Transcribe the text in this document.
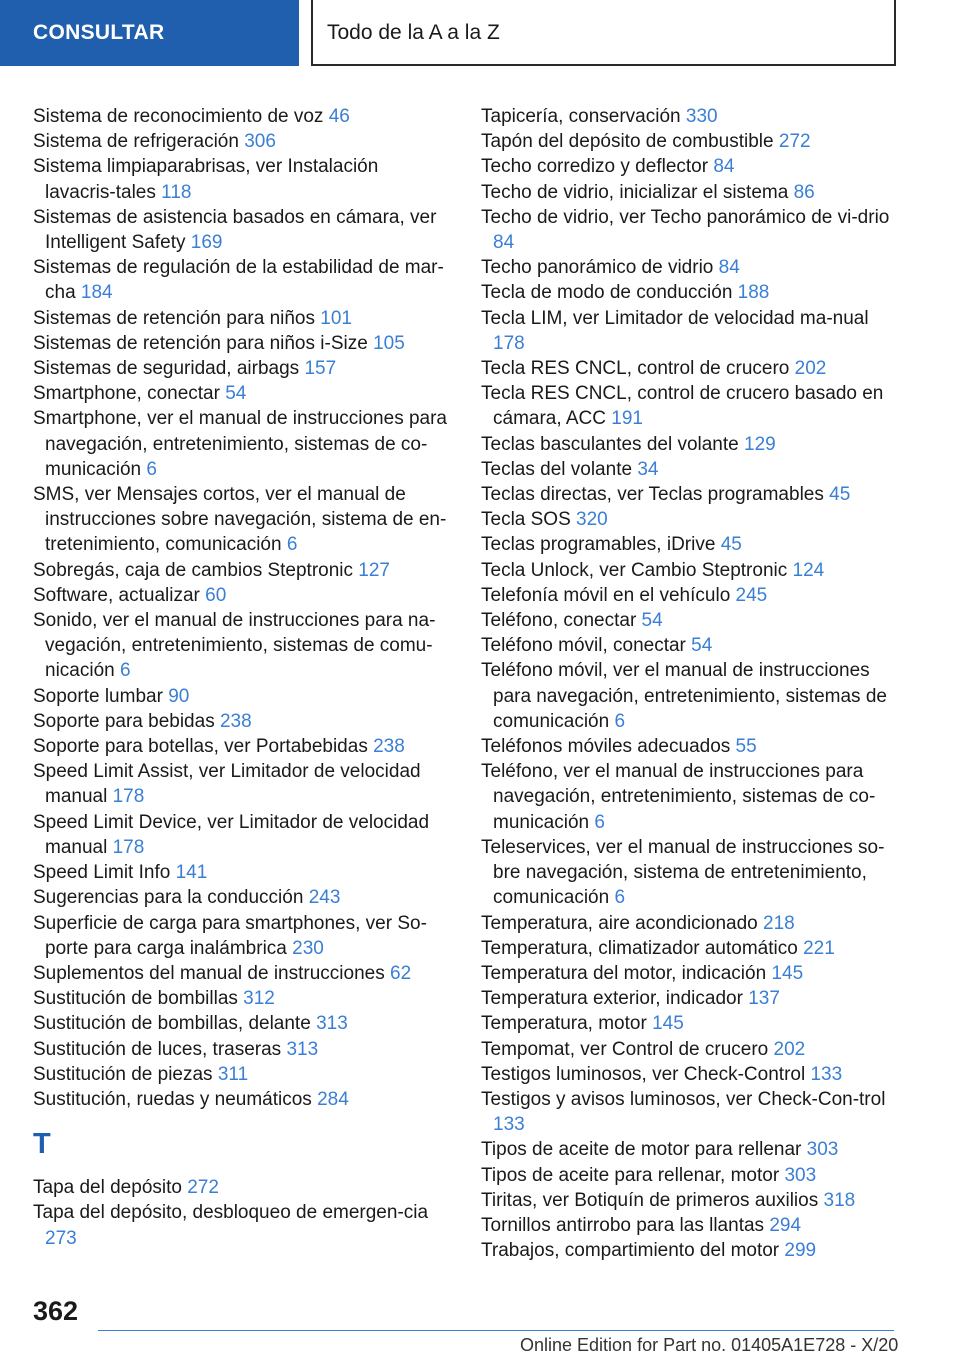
CONSULTAR	Todo de la A a la Z
Sistema de reconocimiento de voz 46
Sistema de refrigeración 306
Sistema limpiaparabrisas, ver Instalación lavacris-tales 118
Sistemas de asistencia basados en cámara, ver Intelligent Safety 169
Sistemas de regulación de la estabilidad de mar-cha 184
Sistemas de retención para niños 101
Sistemas de retención para niños i-Size 105
Sistemas de seguridad, airbags 157
Smartphone, conectar 54
Smartphone, ver el manual de instrucciones para navegación, entretenimiento, sistemas de co-municación 6
SMS, ver Mensajes cortos, ver el manual de instrucciones sobre navegación, sistema de en-tretenimiento, comunicación 6
Sobregás, caja de cambios Steptronic 127
Software, actualizar 60
Sonido, ver el manual de instrucciones para na-vegación, entretenimiento, sistemas de comu-nicación 6
Soporte lumbar 90
Soporte para bebidas 238
Soporte para botellas, ver Portabebidas 238
Speed Limit Assist, ver Limitador de velocidad manual 178
Speed Limit Device, ver Limitador de velocidad manual 178
Speed Limit Info 141
Sugerencias para la conducción 243
Superficie de carga para smartphones, ver So-porte para carga inalámbrica 230
Suplementos del manual de instrucciones 62
Sustitución de bombillas 312
Sustitución de bombillas, delante 313
Sustitución de luces, traseras 313
Sustitución de piezas 311
Sustitución, ruedas y neumáticos 284
T
Tapa del depósito 272
Tapa del depósito, desbloqueo de emergen-cia 273
Tapicería, conservación 330
Tapón del depósito de combustible 272
Techo corredizo y deflector 84
Techo de vidrio, inicializar el sistema 86
Techo de vidrio, ver Techo panorámico de vi-drio 84
Techo panorámico de vidrio 84
Tecla de modo de conducción 188
Tecla LIM, ver Limitador de velocidad ma-nual 178
Tecla RES CNCL, control de crucero 202
Tecla RES CNCL, control de crucero basado en cámara, ACC 191
Teclas basculantes del volante 129
Teclas del volante 34
Teclas directas, ver Teclas programables 45
Tecla SOS 320
Teclas programables, iDrive 45
Tecla Unlock, ver Cambio Steptronic 124
Telefonía móvil en el vehículo 245
Teléfono, conectar 54
Teléfono móvil, conectar 54
Teléfono móvil, ver el manual de instrucciones para navegación, entretenimiento, sistemas de comunicación 6
Teléfonos móviles adecuados 55
Teléfono, ver el manual de instrucciones para navegación, entretenimiento, sistemas de co-municación 6
Teleservices, ver el manual de instrucciones so-bre navegación, sistema de entretenimiento, comunicación 6
Temperatura, aire acondicionado 218
Temperatura, climatizador automático 221
Temperatura del motor, indicación 145
Temperatura exterior, indicador 137
Temperatura, motor 145
Tempomat, ver Control de crucero 202
Testigos luminosos, ver Check-Control 133
Testigos y avisos luminosos, ver Check-Con-trol 133
Tipos de aceite de motor para rellenar 303
Tipos de aceite para rellenar, motor 303
Tiritas, ver Botiquín de primeros auxilios 318
Tornillos antirrobo para las llantas 294
Trabajos, compartimiento del motor 299
362
Online Edition for Part no. 01405A1E728 - X/20
